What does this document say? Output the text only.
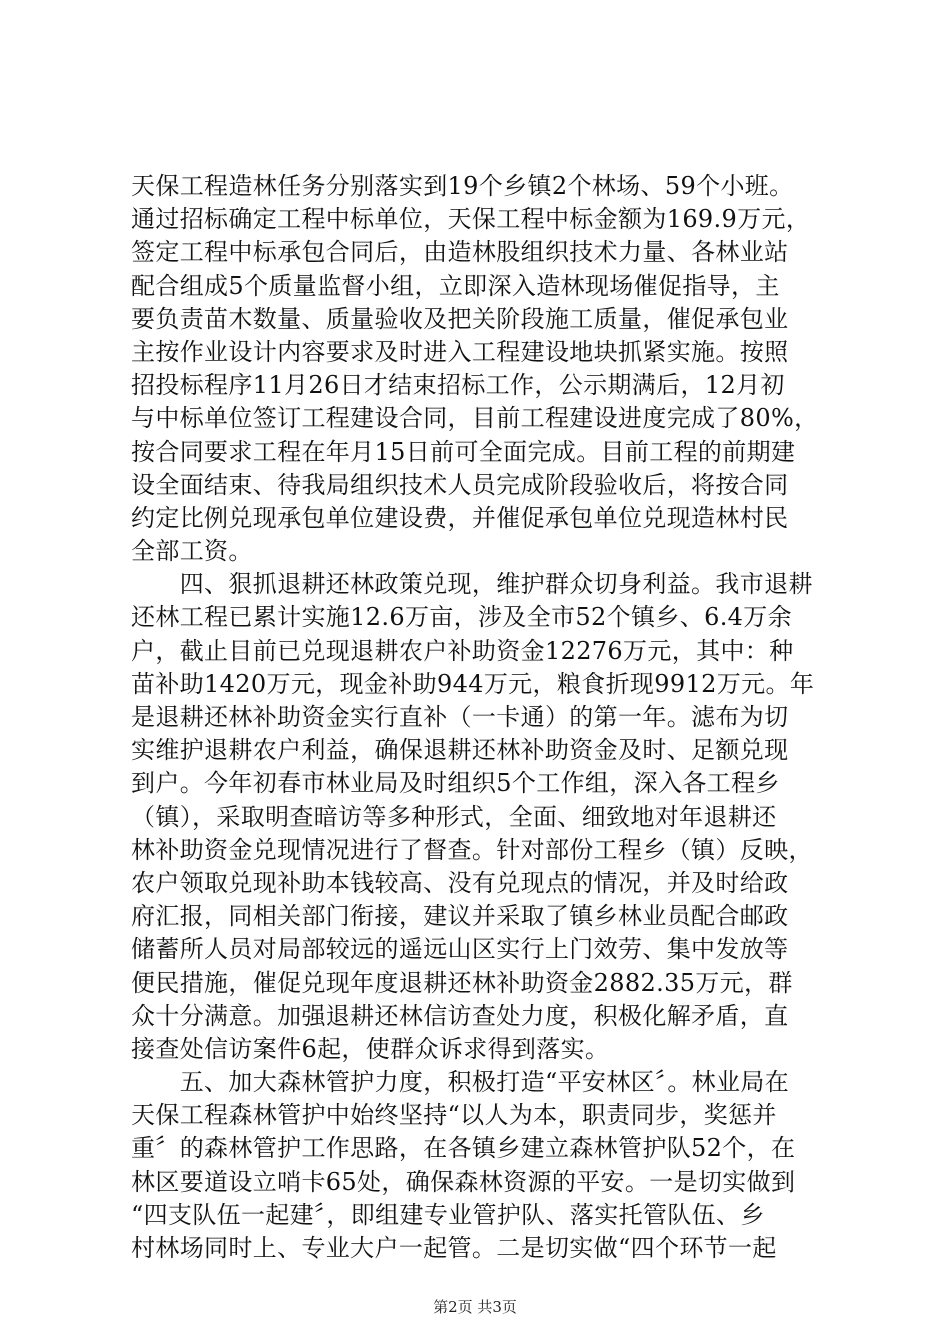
天保工程造林任务分别落实到19个乡镇2个林场、59个小班。
通过招标确定工程中标单位，天保工程中标金额为169.9万元，
签定工程中标承包合同后，由造林股组织技术力量、各林业站
配合组成5个质量监督小组，立即深入造林现场催促指导，主
要负责苗木数量、质量验收及把关阶段施工质量，催促承包业
主按作业设计内容要求及时进入工程建设地块抓紧实施。按照
招投标程序11月26日才结束招标工作，公示期满后，12月初
与中标单位签订工程建设合同，目前工程建设进度完成了80%，
按合同要求工程在年月15日前可全面完成。目前工程的前期建
设全面结束、待我局组织技术人员完成阶段验收后，将按合同
约定比例兑现承包单位建设费，并催促承包单位兑现造林村民
全部工资。
　　四、狠抓退耕还林政策兑现，维护群众切身利益。我市退耕
还林工程已累计实施12.6万亩，涉及全市52个镇乡、6.4万余
户，截止目前已兑现退耕农户补助资金12276万元，其中：种
苗补助1420万元，现金补助944万元，粮食折现9912万元。年
是退耕还林补助资金实行直补（一卡通）的第一年。滤布为切
实维护退耕农户利益，确保退耕还林补助资金及时、足额兑现
到户。今年初春市林业局及时组织5个工作组，深入各工程乡
（镇），采取明查暗访等多种形式，全面、细致地对年退耕还
林补助资金兑现情况进行了督查。针对部份工程乡（镇）反映，
农户领取兑现补助本钱较高、没有兑现点的情况，并及时给政
府汇报，同相关部门衔接，建议并采取了镇乡林业员配合邮政
储蓄所人员对局部较远的遥远山区实行上门效劳、集中发放等
便民措施，催促兑现年度退耕还林补助资金2882.35万元，群
众十分满意。加强退耕还林信访查处力度，积极化解矛盾，直
接查处信访案件6起，使群众诉求得到落实。
　　五、加大森林管护力度，积极打造“平安林区〞。林业局在
天保工程森林管护中始终坚持“以人为本，职责同步，奖惩并
重〞的森林管护工作思路，在各镇乡建立森林管护队52个，在
林区要道设立哨卡65处，确保森林资源的平安。一是切实做到
“四支队伍一起建〞，即组建专业管护队、落实托管队伍、乡
村林场同时上、专业大户一起管。二是切实做“四个环节一起
第2页 共3页
